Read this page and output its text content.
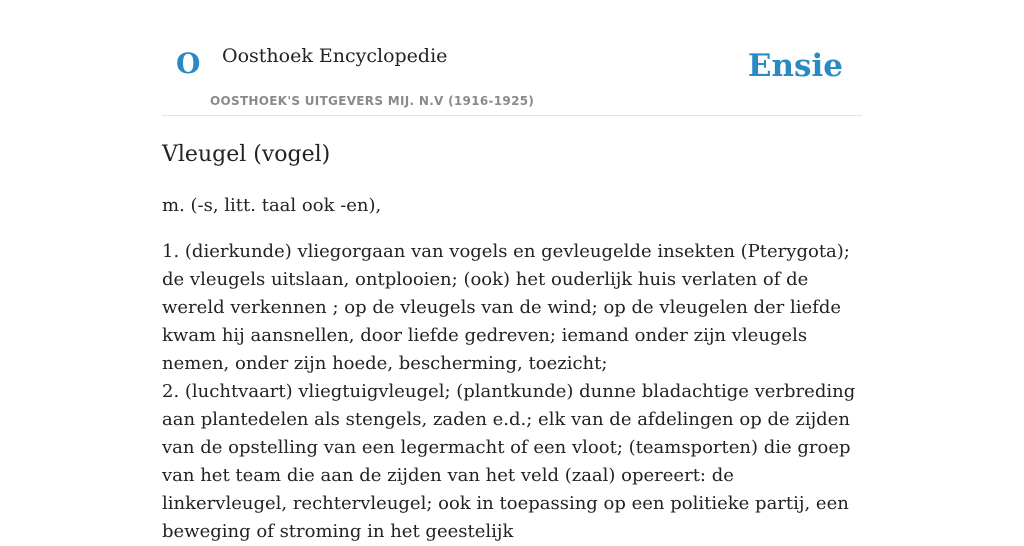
O Oosthoek Encyclopedie
OOSTHOEK'S UITGEVERS MIJ. N.V (1916-1925)
Ensie
Vleugel (vogel)
m. (-s, litt. taal ook -en),

1. (dierkunde) vliegorgaan van vogels en gevleugelde insekten (Pterygota); de vleugels uitslaan, ontplooien; (ook) het ouderlijk huis verlaten of de wereld verkennen ; op de vleugels van de wind; op de vleugelen der liefde kwam hij aansnellen, door liefde gedreven; iemand onder zijn vleugels nemen, onder zijn hoede, bescherming, toezicht;

2. (luchtvaart) vliegtuigvleugel; (plantkunde) dunne bladachtige verbreding aan plantedelen als stengels, zaden e.d.; elk van de afdelingen op de zijden van de opstelling van een legermacht of een vloot; (teamsporten) die groep van het team die aan de zijden van het veld (zaal) opereert: de linkervleugel, rechtervleugel; ook in toepassing op een politieke partij, een beweging of stroming in het geestelijk
